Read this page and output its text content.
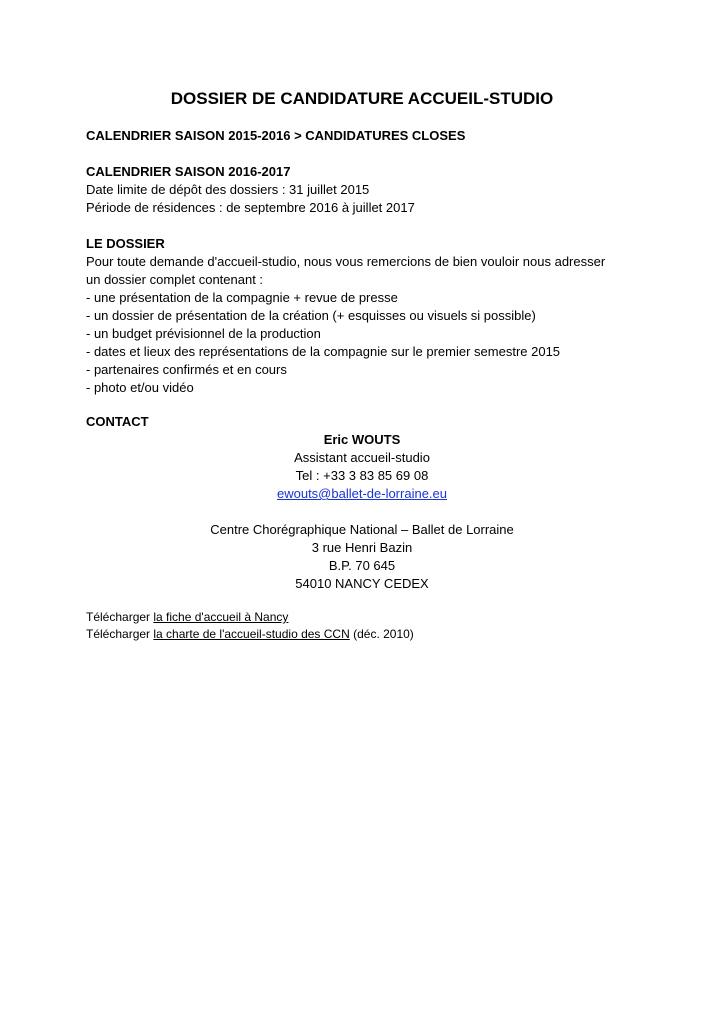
DOSSIER DE CANDIDATURE ACCUEIL-STUDIO
CALENDRIER SAISON 2015-2016 > CANDIDATURES CLOSES
CALENDRIER SAISON 2016-2017
Date limite de dépôt des dossiers : 31 juillet 2015
Période de résidences : de septembre 2016 à juillet 2017
LE DOSSIER
Pour toute demande d'accueil-studio, nous vous remercions de bien vouloir nous adresser
un dossier complet contenant :
- une présentation de la compagnie + revue de presse
- un dossier de présentation de la création (+ esquisses ou visuels si possible)
- un budget prévisionnel de la production
- dates et lieux des représentations de la compagnie sur le premier semestre 2015
- partenaires confirmés et en cours
- photo et/ou vidéo
CONTACT
Eric WOUTS
Assistant accueil-studio
Tel : +33 3 83 85 69 08
ewouts@ballet-de-lorraine.eu
Centre Chorégraphique National – Ballet de Lorraine
3 rue Henri Bazin
B.P. 70 645
54010 NANCY CEDEX
Télécharger la fiche d'accueil à Nancy
Télécharger la charte de l'accueil-studio des CCN (déc. 2010)
